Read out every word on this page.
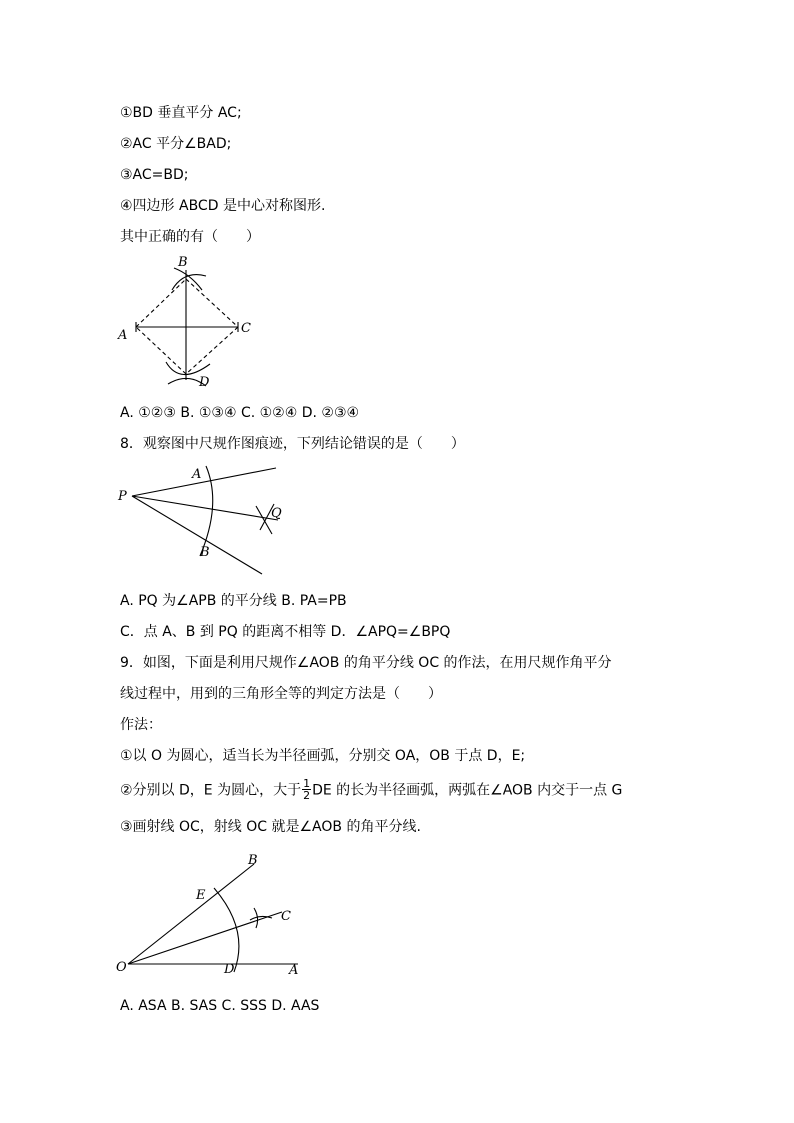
①BD 垂直平分 AC;
②AC 平分∠BAD;
③AC=BD;
④四边形 ABCD 是中心对称图形.
其中正确的有（　　）
A
B
C
D
A. ①②③ B. ①③④ C. ①②④ D. ②③④
8．观察图中尺规作图痕迹，下列结论错误的是（　　）
P
A
B
Q
A. PQ 为∠APB 的平分线 B. PA=PB
C．点 A、B 到 PQ 的距离不相等 D．∠APQ=∠BPQ
9．如图，下面是利用尺规作∠AOB 的角平分线 OC 的作法，在用尺规作角平分
线过程中，用到的三角形全等的判定方法是（　　）
作法：
①以 O 为圆心，适当长为半径画弧，分别交 OA，OB 于点 D，E;
②分别以 D，E 为圆心，大于 $\frac{1}{2}$ DE 的长为半径画弧，两弧在∠AOB 内交于一点 G
③画射线 OC，射线 OC 就是∠AOB 的角平分线.
O	A
B
C
D
E
A. ASA B. SAS C. SSS D. AAS
